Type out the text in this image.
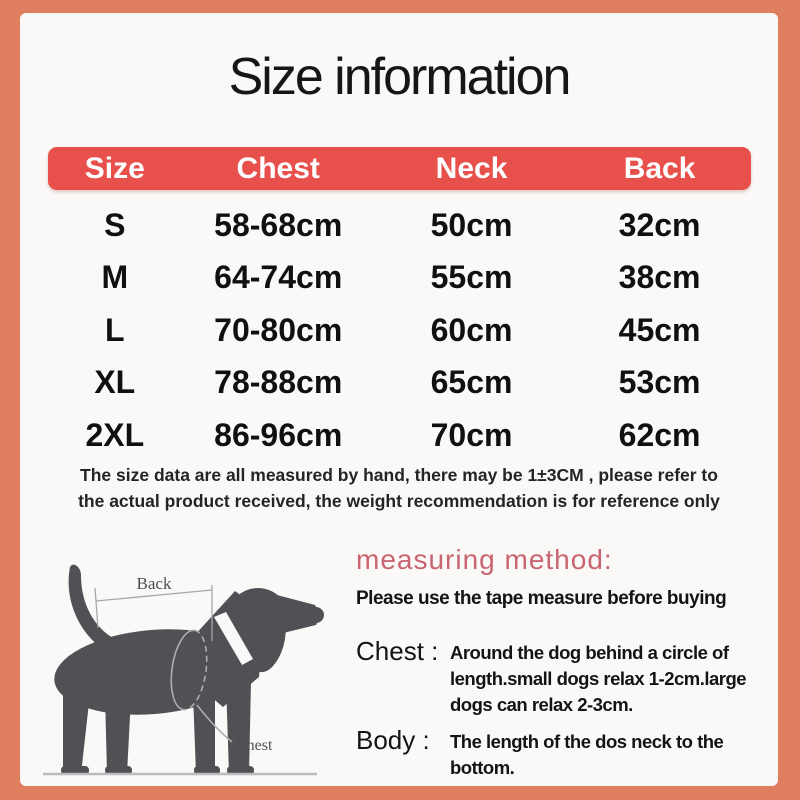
Size information
Size	Chest	Neck	Back
S	58-68cm	50cm	32cm
M	64-74cm	55cm	38cm
L	70-80cm	60cm	45cm
XL	78-88cm	65cm	53cm
2XL	86-96cm	70cm	62cm
The size data are all measured by hand, there may be 1±3CM , please refer to
the actual product received, the weight recommendation is for reference only
Back
Chest
measuring method:
Please use the tape measure before buying
Chest : Around the dog behind a circle of length.small dogs relax 1-2cm.large dogs can relax 2-3cm.
Body :	The length of the dos neck to the bottom.
